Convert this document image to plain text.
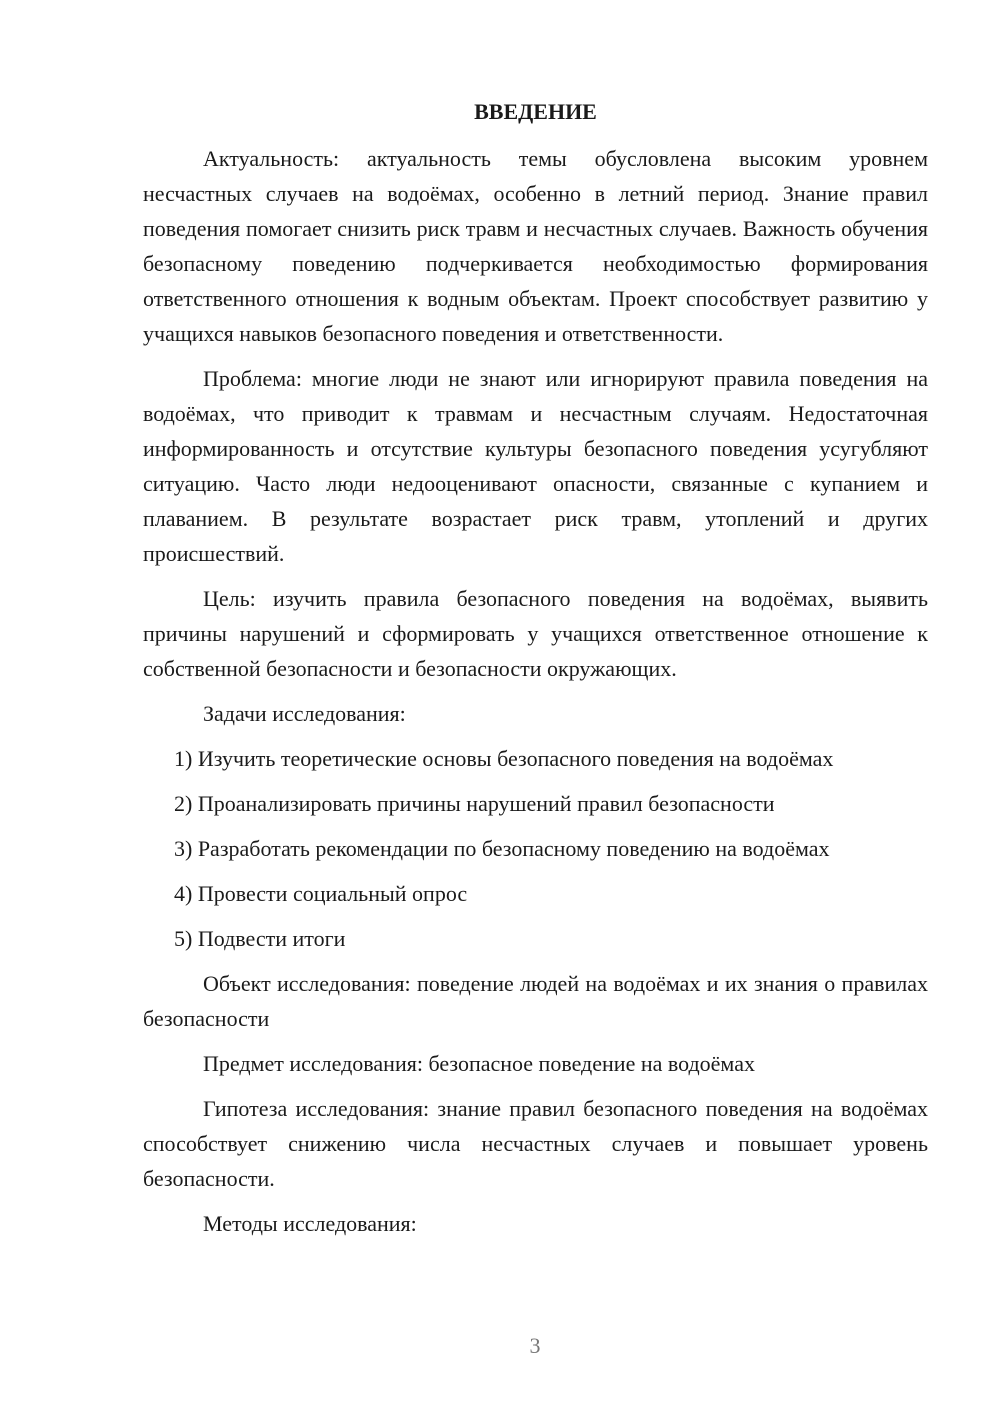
ВВЕДЕНИЕ

Актуальность: актуальность темы обусловлена высоким уровнем несчастных случаев на водоёмах, особенно в летний период. Знание правил поведения помогает снизить риск травм и несчастных случаев. Важность обучения безопасному поведению подчеркивается необходимостью формирования ответственного отношения к водным объектам. Проект способствует развитию у учащихся навыков безопасного поведения и ответственности.

Проблема: многие люди не знают или игнорируют правила поведения на водоёмах, что приводит к травмам и несчастным случаям. Недостаточная информированность и отсутствие культуры безопасного поведения усугубляют ситуацию. Часто люди недооценивают опасности, связанные с купанием и плаванием. В результате возрастает риск травм, утоплений и других происшествий.

Цель: изучить правила безопасного поведения на водоёмах, выявить причины нарушений и сформировать у учащихся ответственное отношение к собственной безопасности и безопасности окружающих.

Задачи исследования:

1) Изучить теоретические основы безопасного поведения на водоёмах
2) Проанализировать причины нарушений правил безопасности
3) Разработать рекомендации по безопасному поведению на водоёмах
4) Провести социальный опрос
5) Подвести итоги

Объект исследования: поведение людей на водоёмах и их знания о правилах безопасности

Предмет исследования: безопасное поведение на водоёмах

Гипотеза исследования: знание правил безопасного поведения на водоёмах способствует снижению числа несчастных случаев и повышает уровень безопасности.

Методы исследования:

3
